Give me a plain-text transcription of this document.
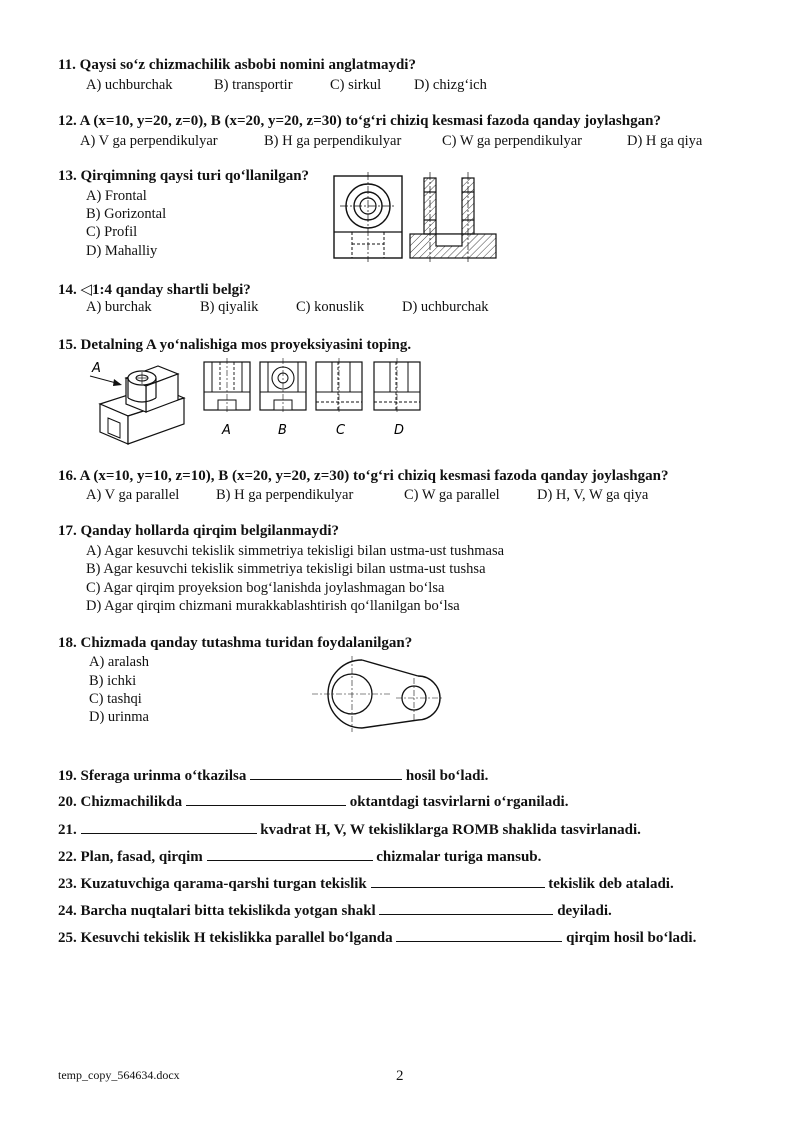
11. Qaysi so‘z chizmachilik asbobi nomini anglatmaydi?
A) uchburchak	B) transportir	C) sirkul D) chizg‘ich
12. A (x=10, y=20, z=0), B (x=20, y=20, z=30) to‘g‘ri chiziq kesmasi fazoda qanday joylashgan?
A) V ga perpendikulyar	B) H ga perpendikulyar	C) W ga perpendikulyar	D) H ga qiya
13. Qirqimning qaysi turi qo‘llanilgan?
A) Frontal
B) Gorizontal
C) Profil
D) Mahalliy
14. ◁1:4 qanday shartli belgi?
A) burchak	B) qiyalik	C) konuslik	D) uchburchak
15. Detalning A yo‘nalishiga mos proyeksiyasini toping.
A
A	B	C	D
16. A (x=10, y=10, z=10), B (x=20, y=20, z=30) to‘g‘ri chiziq kesmasi fazoda qanday joylashgan?
A) V ga parallel	B) H ga perpendikulyar	C) W ga parallel	D) H, V, W ga qiya
17. Qanday hollarda qirqim belgilanmaydi?
A) Agar kesuvchi tekislik simmetriya tekisligi bilan ustma-ust tushmasa
B) Agar kesuvchi tekislik simmetriya tekisligi bilan ustma-ust tushsa
C) Agar qirqim proyeksion bog‘lanishda joylashmagan bo‘lsa
D) Agar qirqim chizmani murakkablashtirish qo‘llanilgan bo‘lsa
18. Chizmada qanday tutashma turidan foydalanilgan?
A) aralash
B) ichki
C) tashqi
D) urinma
19. Sferaga urinma o‘tkazilsa	hosil bo‘ladi.
20. Chizmachilikda	oktantdagi tasvirlarni o‘rganiladi.
21.	kvadrat H, V, W tekisliklarga ROMB shaklida tasvirlanadi.
22. Plan, fasad, qirqim	chizmalar turiga mansub.
23. Kuzatuvchiga qarama-qarshi turgan tekislik	tekislik deb ataladi.
24. Barcha nuqtalari bitta tekislikda yotgan shakl	deyiladi.
25. Kesuvchi tekislik H tekislikka parallel bo‘lganda	qirqim hosil bo‘ladi.
temp_copy_564634.docx	2
